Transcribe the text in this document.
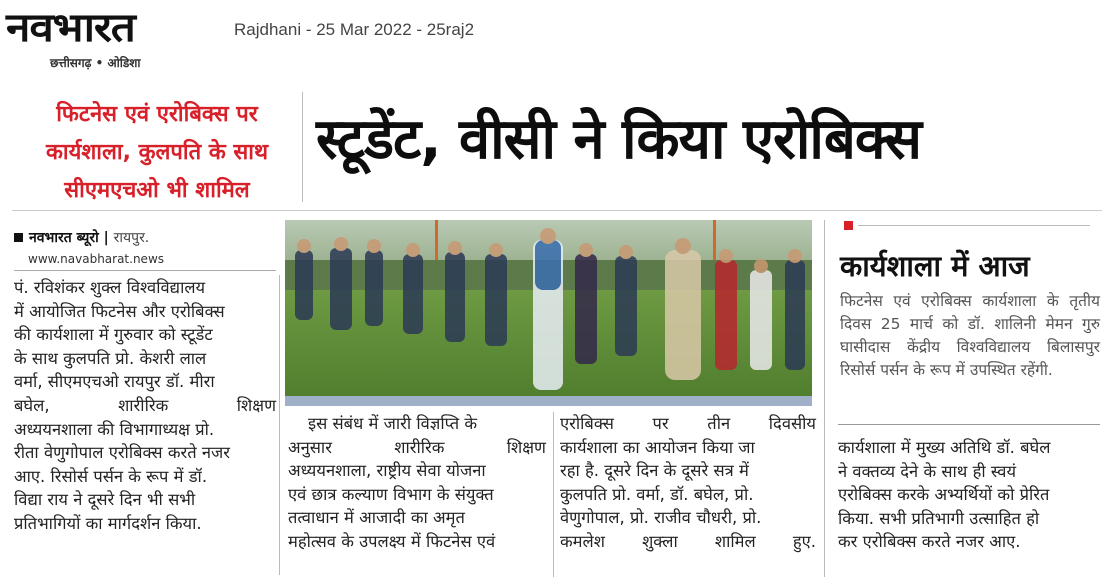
नवभारत
छत्तीसगढ़ • ओडिशा
Rajdhani - 25 Mar 2022 - 25raj2
फिटनेस एवं एरोबिक्स पर
कार्यशाला, कुलपति के साथ
सीएमएचओ भी शामिल
स्टूडेंट, वीसी ने किया एरोबिक्स
नवभारत ब्यूरो | रायपुर.
www.navabharat.news
पं. रविशंकर शुक्ल विश्वविद्यालय
में आयोजित फिटनेस और एरोबिक्स
की कार्यशाला में गुरुवार को स्टूडेंट
के साथ कुलपति प्रो. केशरी लाल
वर्मा, सीएमएचओ रायपुर डॉ. मीरा
बघेल, शारीरिक शिक्षण
अध्ययनशाला की विभागाध्यक्ष प्रो.
रीता वेणुगोपाल एरोबिक्स करते नजर
आए. रिसोर्स पर्सन के रूप में डॉ.
विद्या राय ने दूसरे दिन भी सभी
प्रतिभागियों का मार्गदर्शन किया.
इस संबंध में जारी विज्ञप्ति के
अनुसार शारीरिक शिक्षण
अध्ययनशाला, राष्ट्रीय सेवा योजना
एवं छात्र कल्याण विभाग के संयुक्त
तत्वाधान में आजादी का अमृत
महोत्सव के उपलक्ष्य में फिटनेस एवं
एरोबिक्स पर तीन दिवसीय
कार्यशाला का आयोजन किया जा
रहा है. दूसरे दिन के दूसरे सत्र में
कुलपति प्रो. वर्मा, डॉ. बघेल, प्रो.
वेणुगोपाल, प्रो. राजीव चौधरी, प्रो.
कमलेश शुक्ला शामिल हुए.
कार्यशाला में आज
फिटनेस एवं एरोबिक्स कार्यशाला के तृतीय दिवस 25 मार्च को डॉ. शालिनी मेमन गुरु घासीदास केंद्रीय विश्वविद्यालय बिलासपुर रिसोर्स पर्सन के रूप में उपस्थित रहेंगी.
कार्यशाला में मुख्य अतिथि डॉ. बघेल
ने वक्तव्य देने के साथ ही स्वयं
एरोबिक्स करके अभ्यर्थियों को प्रेरित
किया. सभी प्रतिभागी उत्साहित हो
कर एरोबिक्स करते नजर आए.
